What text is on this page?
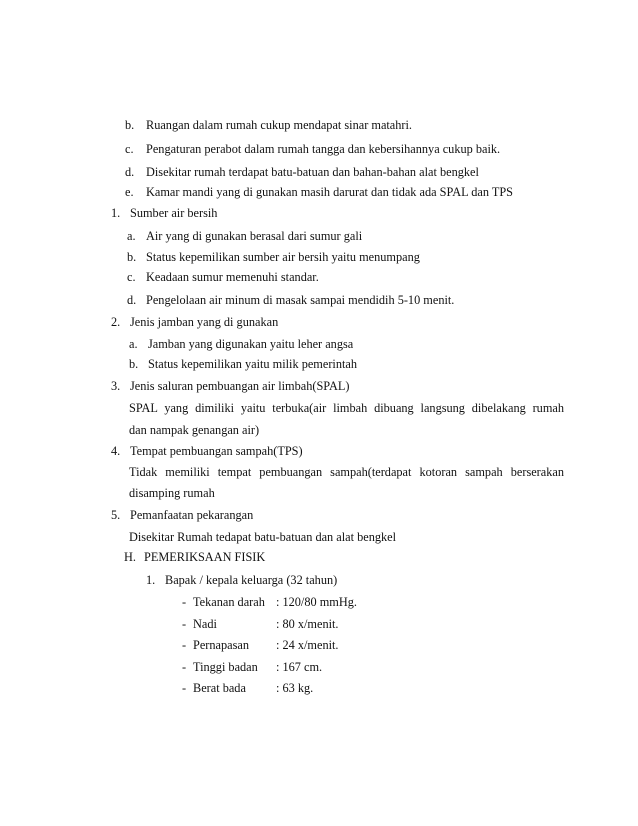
b. Ruangan dalam rumah cukup mendapat sinar matahri.
c. Pengaturan perabot dalam rumah tangga dan kebersihannya cukup baik.
d. Disekitar rumah terdapat batu-batuan dan bahan-bahan alat bengkel
e. Kamar mandi yang di gunakan masih darurat dan tidak ada SPAL dan TPS
1. Sumber air bersih
a. Air yang di gunakan berasal dari sumur gali
b. Status kepemilikan sumber air bersih yaitu menumpang
c. Keadaan sumur memenuhi standar.
d. Pengelolaan air minum di masak sampai mendidih 5-10 menit.
2. Jenis jamban yang di gunakan
a. Jamban yang digunakan yaitu leher angsa
b. Status kepemilikan yaitu milik pemerintah
3. Jenis saluran pembuangan air limbah(SPAL)
SPAL yang dimiliki yaitu terbuka(air limbah dibuang langsung dibelakang rumah
dan nampak genangan air)
4. Tempat pembuangan sampah(TPS)
Tidak memiliki tempat pembuangan sampah(terdapat kotoran sampah berserakan
disamping rumah
5. Pemanfaatan pekarangan
Disekitar Rumah tedapat batu-batuan dan alat bengkel
H. PEMERIKSAAN FISIK
1. Bapak / kepala keluarga (32 tahun)
- Tekanan darah : 120/80 mmHg.
- Nadi	: 80 x/menit.
- Pernapasan : 24 x/menit.
- Tinggi badan : 167 cm.
- Berat bada : 63 kg.
